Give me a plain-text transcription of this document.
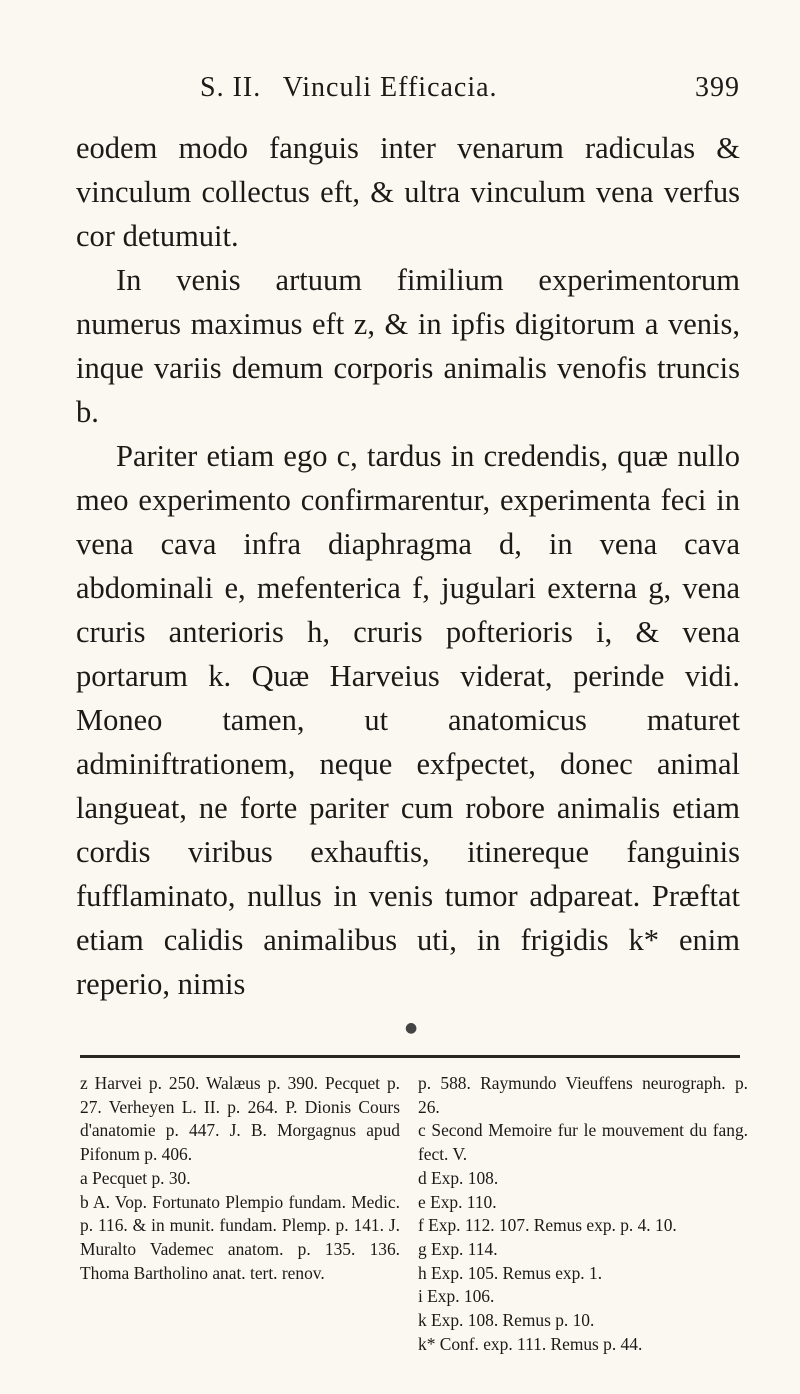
S. II. Vinculi Efficacia.	399

eodem modo fanguis inter venarum radiculas & vinculum collectus eft, & ultra vinculum vena verfus cor detumuit.

In venis artuum fimilium experimentorum numerus maximus eft z, & in ipfis digitorum a venis, inque variis demum corporis animalis venofis truncis b.

Pariter etiam ego c, tardus in credendis, quæ nullo meo experimento confirmarentur, experimenta feci in vena cava infra diaphragma d, in vena cava abdominali e, mefenterica f, jugulari externa g, vena cruris anterioris h, cruris pofterioris i, & vena portarum k. Quæ Harveius viderat, perinde vidi. Moneo tamen, ut anatomicus maturet adminiftrationem, neque exfpectet, donec animal langueat, ne forte pariter cum robore animalis etiam cordis viribus exhauftis, itinereque fanguinis fufflaminato, nullus in venis tumor adpareat. Præftat etiam calidis animalibus uti, in frigidis k* enim reperio, nimis

●
z Harvei p. 250. Walæus p. 390. Pecquet p. 27. Verheyen L. II. p. 264. P. Dionis Cours d'anatomie p. 447. J. B. Morgagnus apud Pifonum p. 406.
a Pecquet p. 30.
b A. Vop. Fortunato Plempio fundam. Medic. p. 116. & in munit. fundam. Plemp. p. 141. J. Muralto Vademec anatom. p. 135. 136. Thoma Bartholino anat. tert. renov.
p. 588. Raymundo Vieuffens neurograph. p. 26.
c Second Memoire fur le mouvement du fang. fect. V.
d Exp. 108.
e Exp. 110.
f Exp. 112. 107. Remus exp. p. 4. 10.
g Exp. 114.
h Exp. 105. Remus exp. 1.
i Exp. 106.
k Exp. 108. Remus p. 10.
k* Conf. exp. 111. Remus p. 44.
